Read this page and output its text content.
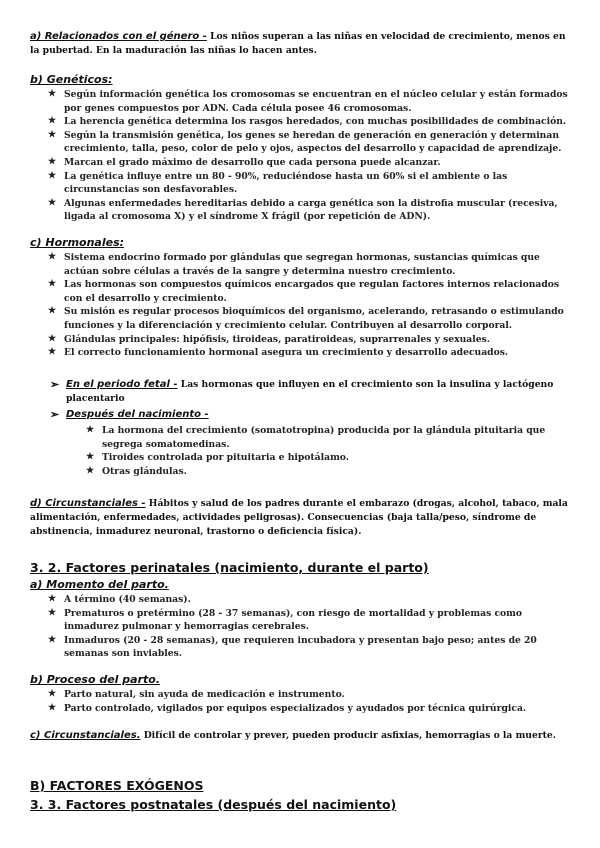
a) Relacionados con el género - Los niños superan a las niñas en velocidad de crecimiento, menos en la pubertad. En la maduración las niñas lo hacen antes.
b) Genéticos:
★ Según información genética los cromosomas se encuentran en el núcleo celular y están formados por genes compuestos por ADN. Cada célula posee 46 cromosomas.
★ La herencia genética determina los rasgos heredados, con muchas posibilidades de combinación.
★ Según la transmisión genética, los genes se heredan de generación en generación y determinan crecimiento, talla, peso, color de pelo y ojos, aspectos del desarrollo y capacidad de aprendizaje.
★ Marcan el grado máximo de desarrollo que cada persona puede alcanzar.
★ La genética influye entre un 80 - 90%, reduciéndose hasta un 60% si el ambiente o las circunstancias son desfavorables.
★ Algunas enfermedades hereditarias debido a carga genética son la distrofia muscular (recesiva, ligada al cromosoma X) y el síndrome X frágil (por repetición de ADN).
c) Hormonales:
★ Sistema endocrino formado por glándulas que segregan hormonas, sustancias químicas que actúan sobre células a través de la sangre y determina nuestro crecimiento.
★ Las hormonas son compuestos químicos encargados que regulan factores internos relacionados con el desarrollo y crecimiento.
★ Su misión es regular procesos bioquímicos del organismo, acelerando, retrasando o estimulando funciones y la diferenciación y crecimiento celular. Contribuyen al desarrollo corporal.
★ Glándulas principales: hipófisis, tiroideas, paratiroideas, suprarrenales y sexuales.
★ El correcto funcionamiento hormonal asegura un crecimiento y desarrollo adecuados.
➢ En el periodo fetal - Las hormonas que influyen en el crecimiento son la insulina y lactógeno placentario
➢ Después del nacimiento -
★ La hormona del crecimiento (somatotropina) producida por la glándula pituitaria que segrega somatomedinas.
★ Tiroides controlada por pituitaria e hipotálamo.
★ Otras glándulas.
d) Circunstanciales - Hábitos y salud de los padres durante el embarazo (drogas, alcohol, tabaco, mala alimentación, enfermedades, actividades peligrosas). Consecuencias (baja talla/peso, síndrome de abstinencia, inmadurez neuronal, trastorno o deficiencia física).
3. 2. Factores perinatales (nacimiento, durante el parto)
a) Momento del parto.
★ A término (40 semanas).
★ Prematuros o pretérmino (28 - 37 semanas), con riesgo de mortalidad y problemas como inmadurez pulmonar y hemorragias cerebrales.
★ Inmaduros (20 - 28 semanas), que requieren incubadora y presentan bajo peso; antes de 20 semanas son inviables.
b) Proceso del parto.
★ Parto natural, sin ayuda de medicación e instrumento.
★ Parto controlado, vigilados por equipos especializados y ayudados por técnica quirúrgica.
c) Circunstanciales. Difícil de controlar y prever, pueden producir asfixias, hemorragias o la muerte.
B) FACTORES EXÓGENOS
3. 3. Factores postnatales (después del nacimiento)
